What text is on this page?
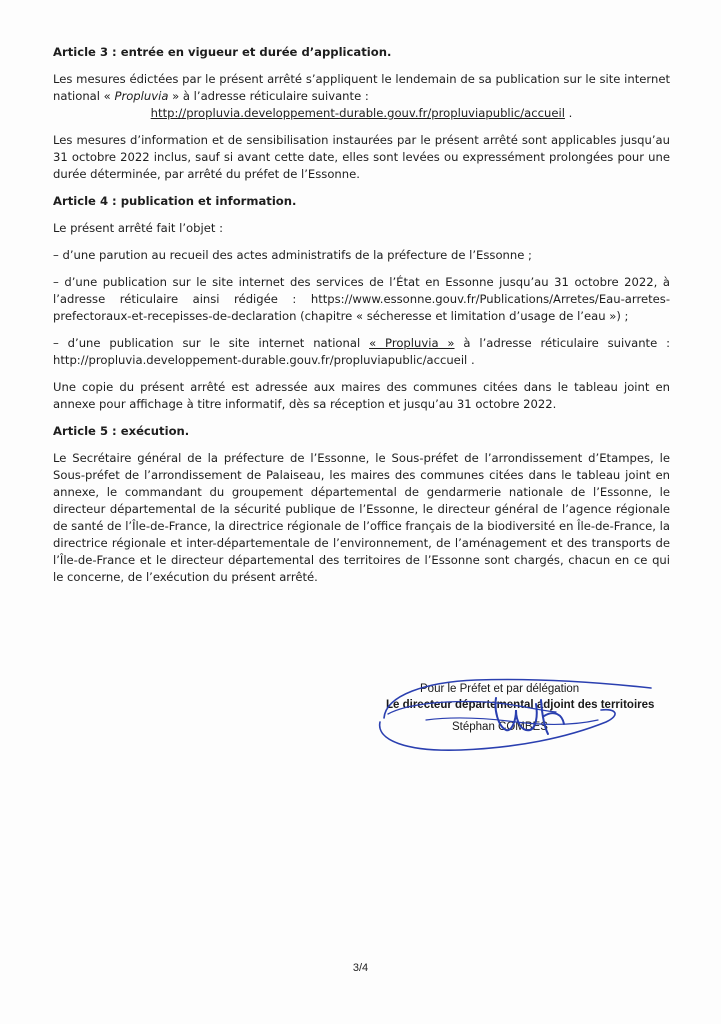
Article 3 : entrée en vigueur et durée d’application.
Les mesures édictées par le présent arrêté s’appliquent le lendemain de sa publication sur le site internet national « Propluvia » à l’adresse réticulaire suivante :
http://propluvia.developpement-durable.gouv.fr/propluviapublic/accueil .
Les mesures d’information et de sensibilisation instaurées par le présent arrêté sont applicables jusqu’au 31 octobre 2022 inclus, sauf si avant cette date, elles sont levées ou expressément prolongées pour une durée déterminée, par arrêté du préfet de l’Essonne.
Article 4 : publication et information.
Le présent arrêté fait l’objet :
– d’une parution au recueil des actes administratifs de la préfecture de l’Essonne ;
– d’une publication sur le site internet des services de l’État en Essonne jusqu’au 31 octobre 2022, à l’adresse réticulaire ainsi rédigée : https://www.essonne.gouv.fr/Publications/Arretes/Eau-arretes-prefectoraux-et-recepisses-de-declaration (chapitre « sécheresse et limitation d’usage de l’eau ») ;
– d’une publication sur le site internet national « Propluvia » à l’adresse réticulaire suivante : http://propluvia.developpement-durable.gouv.fr/propluviapublic/accueil .
Une copie du présent arrêté est adressée aux maires des communes citées dans le tableau joint en annexe pour affichage à titre informatif, dès sa réception et jusqu’au 31 octobre 2022.
Article 5 : exécution.
Le Secrétaire général de la préfecture de l’Essonne, le Sous-préfet de l’arrondissement d’Etampes, le Sous-préfet de l’arrondissement de Palaiseau, les maires des communes citées dans le tableau joint en annexe, le commandant du groupement départemental de gendarmerie nationale de l’Essonne, le directeur départemental de la sécurité publique de l’Essonne, le directeur général de l’agence régionale de santé de l’Île-de-France, la directrice régionale de l’office français de la biodiversité en Île-de-France, la directrice régionale et inter-départementale de l’environnement, de l’aménagement et des transports de l’Île-de-France et le directeur départemental des territoires de l’Essonne sont chargés, chacun en ce qui le concerne, de l’exécution du présent arrêté.
Pour le Préfet et par délégation
Le directeur départemental adjoint des territoires
Stéphan COMBES
3/4
